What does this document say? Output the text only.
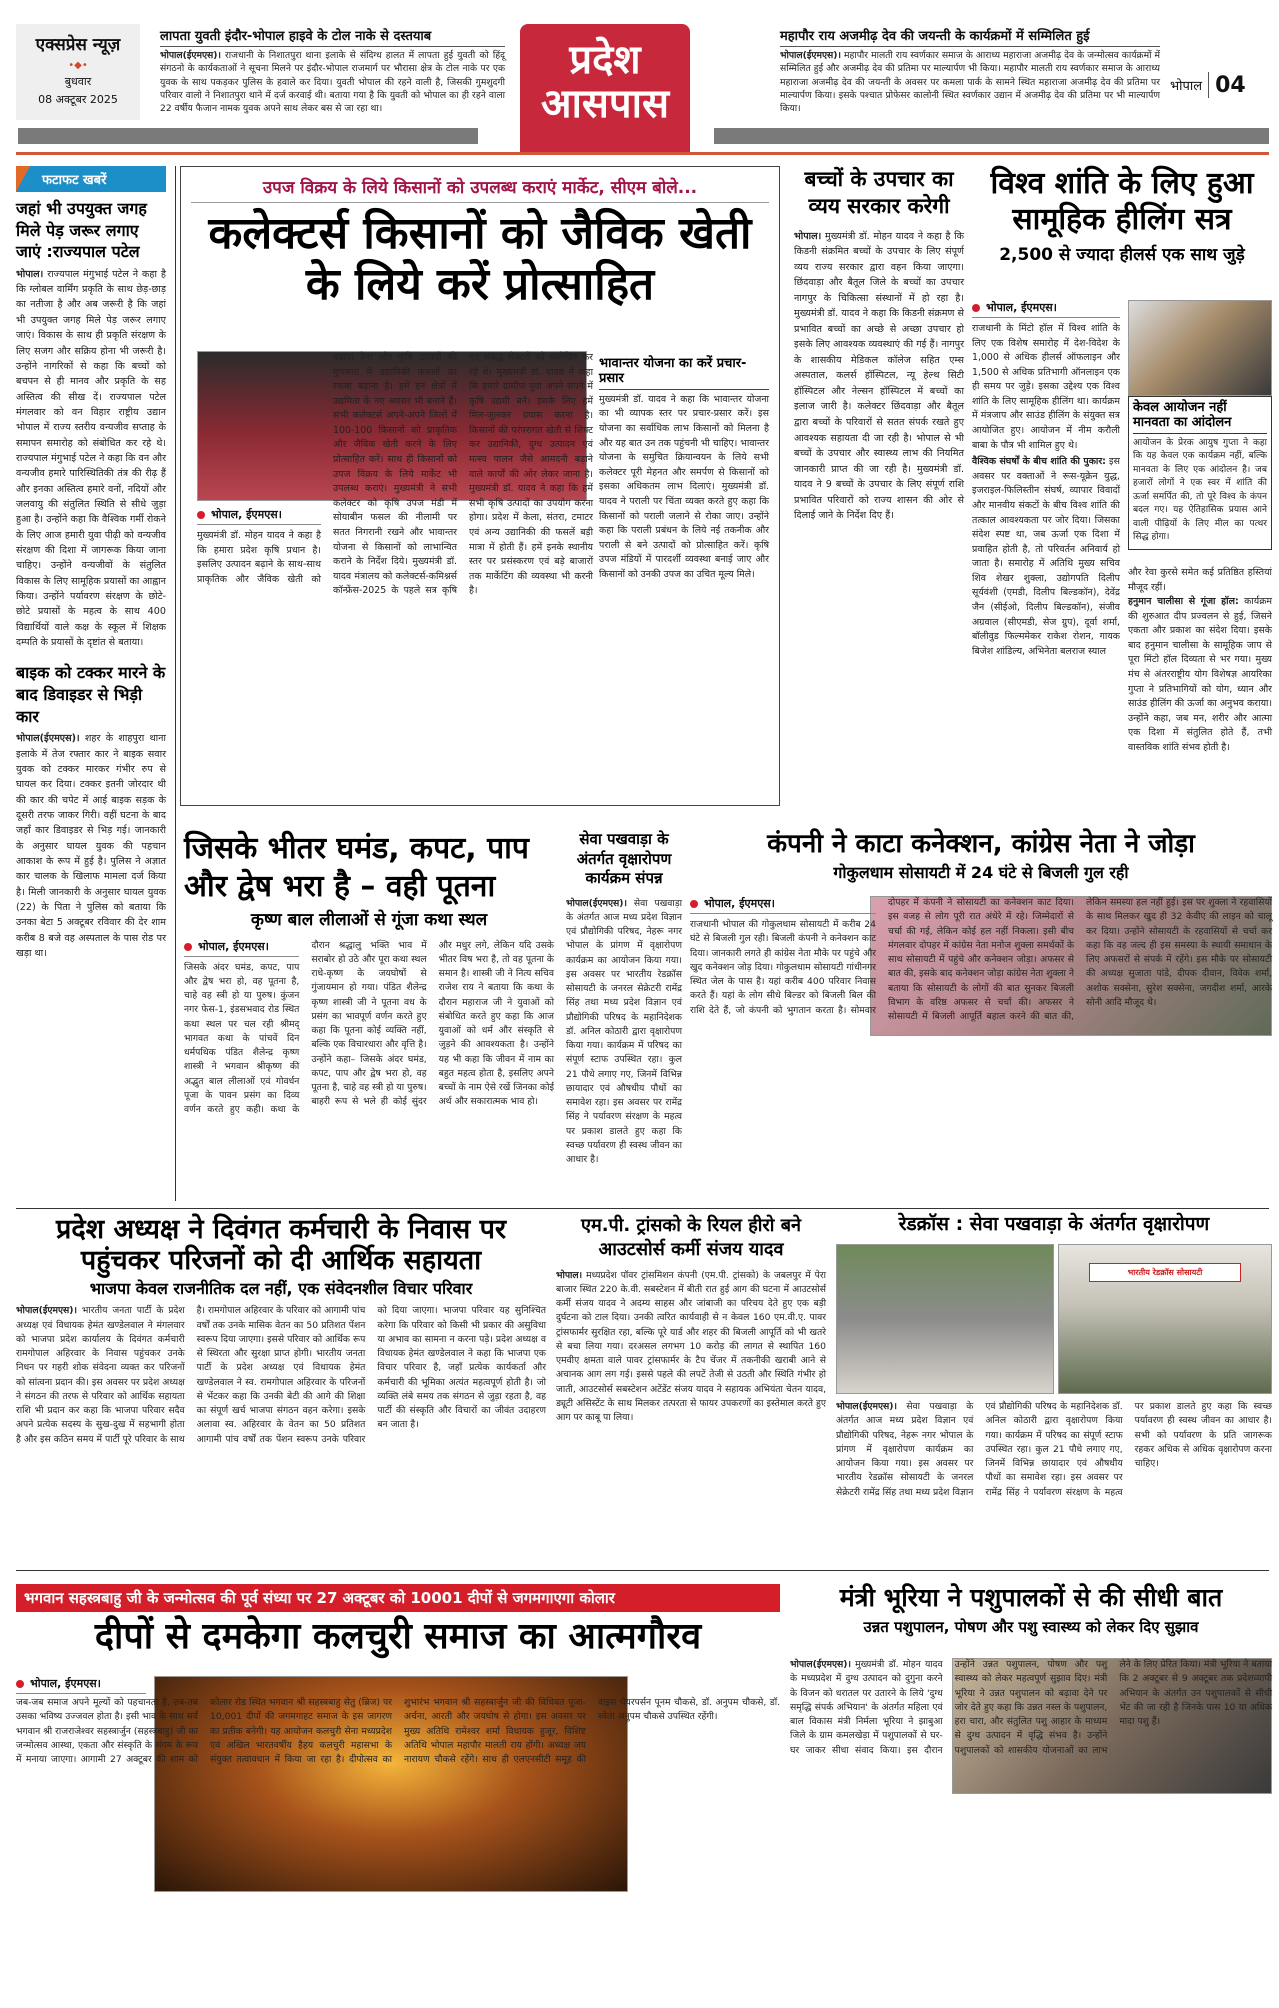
एक्सप्रेस न्यूज़
•◆•
बुधवार
08 अक्टूबर 2025
लापता युवती इंदौर-भोपाल हाइवे के टोल नाके से दस्तयाब
भोपाल(ईएमएस)। राजधानी के निशातपुरा थाना इलाके से संदिग्ध हालत में लापता हुई युवती को हिंदू संगठनो के कार्यकताओं ने सूचना मिलने पर इंदौर-भोपाल राजमार्ग पर भौरासा क्षेत्र के टोल नाके पर एक युवक के साथ पकड़कर पुलिस के हवाले कर दिया। युवती भोपाल की रहने वाली है, जिसकी गुमशुदगी परिवार वालो ने निशातपुरा थाने में दर्ज करवाई थी। बताया गया है कि युवती को भोपाल का ही रहने वाला 22 वर्षीय फैजान नामक युवक अपने साथ लेकर बस से जा रहा था।
प्रदेश
आसपास
महापौर राय अजमीढ़ देव की जयन्ती के कार्यक्रमों में सम्मिलित हुई
भोपाल(ईएमएस)। महापौर मालती राय स्वर्णकार समाज के आराध्य महाराजा अजमीढ़ देव के जन्मोत्सव कार्यक्रमों में सम्मिलित हुई और अजमीढ़ देव की प्रतिमा पर माल्यार्पण भी किया। महापौर मालती राय स्वर्णकार समाज के आराध्य महाराजा अजमीढ़ देव की जयन्ती के अवसर पर कमला पार्क के सामने स्थित महाराजा अजमीढ़ देव की प्रतिमा पर माल्यार्पण किया। इसके पश्चात प्रोफेसर कालोनी स्थित स्वर्णकार उद्यान में अजमीढ़ देव की प्रतिमा पर भी माल्यार्पण किया।
भोपाल 04
फटाफट खबरें
जहां भी उपयुक्त जगह मिले पेड़ जरूर लगाए जाएं :राज्यपाल पटेल
भोपाल। राज्यपाल मंगुभाई पटेल ने कहा है कि ग्लोबल वार्मिंग प्रकृति के साथ छेड़-छाड़ का नतीजा है और अब जरूरी है कि जहां भी उपयुक्त जगह मिले पेड़ जरूर लगाए जाएं। विकास के साथ ही प्रकृति संरक्षण के लिए सजग और सक्रिय होना भी जरूरी है। उन्होंने नागरिकों से कहा कि बच्चों को बचपन से ही मानव और प्रकृति के सह अस्तित्व की सीख दें। राज्यपाल पटेल मंगलवार को वन विहार राष्ट्रीय उद्यान भोपाल में राज्य स्तरीय वन्यजीव सप्ताह के समापन समारोह को संबोधित कर रहे थे। राज्यपाल मंगुभाई पटेल ने कहा कि वन और वन्यजीव हमारे पारिस्थितिकी तंत्र की रीढ़ हैं और इनका अस्तित्व हमारे वनों, नदियों और जलवायु की संतुलित स्थिति से सीधे जुड़ा हुआ है। उन्होंने कहा कि वैश्विक गर्मी रोकने के लिए आज हमारी युवा पीढ़ी को वन्यजीव संरक्षण की दिशा में जागरूक किया जाना चाहिए। उन्होंने वन्यजीवों के संतुलित विकास के लिए सामूहिक प्रयासों का आह्वान किया। उन्होंने पर्यावरण संरक्षण के छोटे-छोटे प्रयासों के महत्व के साथ 400 विद्यार्थियों वाले कक्ष के स्कूल में शिक्षक दम्पति के प्रयासों के दृष्टांत से बताया।
बाइक को टक्कर मारने के बाद डिवाइडर से भिड़ी कार
भोपाल(ईएमएस)। शहर के शाहपुरा थाना इलाके में तेज रफ्तार कार ने बाइक सवार युवक को टक्कर मारकर गंभीर रुप से घायल कर दिया। टक्कर इतनी जोरदार थी की कार की चपेट में आई बाइक सड़क के दूसरी तरफ जाकर गिरी। वहीं घटना के बाद जहाँ कार डिवाइडर से भिड़ गई। जानकारी के अनुसार घायल युवक की पहचान आकाश के रूप में हुई है। पुलिस ने अज्ञात कार चालक के खिलाफ मामला दर्ज किया है। मिली जानकारी के अनुसार घायल युवक (22) के पिता ने पुलिस को बताया कि उनका बेटा 5 अक्टूबर रविवार की देर शाम करीब 8 बजे वह अस्पताल के पास रोड पर खड़ा था।
उपज विक्रय के लिये किसानों को उपलब्ध कराएं मार्केट, सीएम बोले...
कलेक्टर्स किसानों को जैविक खेती के लिये करें प्रोत्साहित
भावान्तर योजना का करें प्रचार-प्रसार
मुख्यमंत्री डॉ. यादव ने कहा कि भावान्तर योजना का भी व्यापक स्तर पर प्रचार-प्रसार करें। इस योजना का सर्वाधिक लाभ किसानों को मिलना है और यह बात उन तक पहुंचनी भी चाहिए। भावान्तर योजना के समुचित क्रियान्वयन के लिये सभी कलेक्टर पूरी मेहनत और समर्पण से किसानों को इसका अधिकतम लाभ दिलाएं। मुख्यमंत्री डॉ. यादव ने पराली पर चिंता व्यक्त करते हुए कहा कि किसानों को पराली जलाने से रोका जाए। उन्होंने कहा कि पराली प्रबंधन के लिये नई तकनीक और पराली से बने उत्पादों को प्रोत्साहित करें। कृषि उपज मंडियों में पारदर्शी व्यवस्था बनाई जाए और किसानों को उनकी उपज का उचित मूल्य मिले।
भोपाल, ईएमएस।
मुख्यमंत्री डॉ. मोहन यादव ने कहा है कि हमारा प्रदेश कृषि प्रधान है। इसलिए उत्पादन बढ़ाने के साथ-साथ प्राकृतिक और जैविक खेती को बढ़ावा देना और कृषि उत्पादों की गुणवत्ता में उद्यानिकी फसलों का रकबा बढ़ाना है। हमें इन क्षेत्रों में उद्यमिता के नए अवसर भी बनाने हैं। सभी कलेक्टर्स अपने-अपने जिलों में 100-100 किसानों को प्राकृतिक और जैविक खेती करने के लिए प्रोत्साहित करें। साथ ही किसानों को उपज विक्रय के लिये मार्केट भी उपलब्ध कराएं। मुख्यमंत्री ने सभी कलेक्टर को कृषि उपज मंडी में सोयाबीन फसल की नीलामी पर सतत निगरानी रखने और भावान्तर योजना से किसानों को लाभान्वित कराने के निर्देश दिये। मुख्यमंत्री डॉ. यादव मंत्रालय को कलेक्टर्स-कमिश्नर्स कॉन्फ्रेंस-2025 के पहले सत्र कृषि एवं संबद्ध सेक्टरों को संबोधित कर रहे थे। मुख्यमंत्री डॉ. यादव ने कहा कि हमारे ग्रामीण युवा अपने सपने में कृषि उद्यमी बनें। इसके लिए हमें मिल-जुलकर प्रयास करना है। किसानों की परंपरागत खेती से शिफ्ट कर उद्यानिकी, दुग्ध उत्पादन एवं मत्स्य पालन जैसे आमदनी बढ़ाने वाले कार्यों की ओर लेकर जाना है। मुख्यमंत्री डॉ. यादव ने कहा कि हमें सभी कृषि उत्पादों का उपयोग करना होगा। प्रदेश में केला, संतरा, टमाटर एवं अन्य उद्यानिकी की फसलें बड़ी मात्रा में होती हैं। हमें इनके स्थानीय स्तर पर प्रसंस्करण एवं बड़े बाजारों तक मार्केटिंग की व्यवस्था भी करनी है।
बच्चों के उपचार का व्यय सरकार करेगी
भोपाल। मुख्यमंत्री डॉ. मोहन यादव ने कहा है कि किडनी संक्रमित बच्चों के उपचार के लिए संपूर्ण व्यय राज्य सरकार द्वारा वहन किया जाएगा। छिंदवाड़ा और बैतूल जिले के बच्चों का उपचार नागपुर के चिकित्सा संस्थानों में हो रहा है। मुख्यमंत्री डॉ. यादव ने कहा कि किडनी संक्रमण से प्रभावित बच्चों का अच्छे से अच्छा उपचार हो इसके लिए आवश्यक व्यवस्थाएं की गई हैं। नागपुर के शासकीय मेडिकल कॉलेज सहित एम्स अस्पताल, कलर्स हॉस्पिटल, न्यू हेल्थ सिटी हॉस्पिटल और नेल्सन हॉस्पिटल में बच्चों का इलाज जारी है। कलेक्टर छिंदवाड़ा और बैतूल द्वारा बच्चों के परिवारों से सतत संपर्क रखते हुए आवश्यक सहायता दी जा रही है। भोपाल से भी बच्चों के उपचार और स्वास्थ्य लाभ की नियमित जानकारी प्राप्त की जा रही है। मुख्यमंत्री डॉ. यादव ने 9 बच्चों के उपचार के लिए संपूर्ण राशि प्रभावित परिवारों को राज्य शासन की ओर से दिलाई जाने के निर्देश दिए हैं।
विश्व शांति के लिए हुआ सामूहिक हीलिंग सत्र
2,500 से ज्यादा हीलर्स एक साथ जुड़े
भोपाल, ईएमएस।
राजधानी के मिंटो हॉल में विश्व शांति के लिए एक विशेष समारोह में देश-विदेश के 1,000 से अधिक हीलर्स ऑफलाइन और 1,500 से अधिक प्रतिभागी ऑनलाइन एक ही समय पर जुड़े। इसका उद्देश्य एक विश्व शांति के लिए सामूहिक हीलिंग था। कार्यक्रम में मंत्रजाप और साउंड हीलिंग के संयुक्त सत्र आयोजित हुए। आयोजन में नीम करौली बाबा के पौत्र भी शामिल हुए थे।
वैश्विक संघर्षों के बीच शांति की पुकार: इस अवसर पर वक्ताओं ने रूस-यूक्रेन युद्ध, इजराइल-फिलिस्तीन संघर्ष, व्यापार विवादों और मानवीय संकटों के बीच विश्व शांति की तत्काल आवश्यकता पर जोर दिया। जिसका संदेश स्पष्ट था, जब ऊर्जा एक दिशा में प्रवाहित होती है, तो परिवर्तन अनिवार्य हो जाता है। समारोह में अतिथि मुख्य सचिव शिव शेखर शुक्ला, उद्योगपति दिलीप सूर्यवंशी (एमडी, दिलीप बिल्डकॉन), देवेंद्र जैन (सीईओ, दिलीप बिल्डकॉन), संजीव अग्रवाल (सीएमडी, सेज ग्रुप), दूर्वा शर्मा, बॉलीवुड फिल्ममेकर राकेश रोशन, गायक बिजेश शांडिल्य, अभिनेता बलराज स्याल
केवल आयोजन नहीं मानवता का आंदोलन
आयोजन के प्रेरक आयुष गुप्ता ने कहा कि यह केवल एक कार्यक्रम नहीं, बल्कि मानवता के लिए एक आंदोलन है। जब हजारों लोगों ने एक स्वर में शांति की ऊर्जा समर्पित की, तो पूरे विश्व के कंपन बदल गए। यह ऐतिहासिक प्रयास आने वाली पीढ़ियों के लिए मील का पत्थर सिद्ध होगा।
और रेवा कुरसे समेत कई प्रतिष्ठित हस्तियां मौजूद रहीं।
हनुमान चालीसा से गूंजा हॉल: कार्यक्रम की शुरुआत दीप प्रज्वलन से हुई, जिसने एकता और प्रकाश का संदेश दिया। इसके बाद हनुमान चालीसा के सामूहिक जाप से पूरा मिंटो हॉल दिव्यता से भर गया। मुख्य मंच से अंतरराष्ट्रीय योग विशेषज्ञ आयरिका गुप्ता ने प्रतिभागियों को योग, ध्यान और साउंड हीलिंग की ऊर्जा का अनुभव कराया। उन्होंने कहा, जब मन, शरीर और आत्मा एक दिशा में संतुलित होते हैं, तभी वास्तविक शांति संभव होती है।
जिसके भीतर घमंड, कपट, पाप और द्वेष भरा है – वही पूतना
कृष्ण बाल लीलाओं से गूंजा कथा स्थल
भोपाल, ईएमएस।
जिसके अंदर घमंड, कपट, पाप और द्वेष भरा हो, वह पूतना है, चाहे वह स्त्री हो या पुरुष। कुंजन नगर फेस-1, इंडसभवाद रोड स्थित कथा स्थल पर चल रही श्रीमद् भागवत कथा के पांचवें दिन धर्मपथिक पंडित शैलेन्द्र कृष्ण शास्त्री ने भगवान श्रीकृष्ण की अद्भुत बाल लीलाओं एवं गोवर्धन पूजा के पावन प्रसंग का दिव्य वर्णन करते हुए कही। कथा के दौरान श्रद्धालु भक्ति भाव में सराबोर हो उठे और पूरा कथा स्थल राधे-कृष्ण के जयघोषों से गुंजायमान हो गया। पंडित शैलेन्द्र कृष्ण शास्त्री जी ने पूतना वध के प्रसंग का भावपूर्ण वर्णन करते हुए कहा कि पूतना कोई व्यक्ति नहीं, बल्कि एक विचारधारा और वृत्ति है। उन्होंने कहा– जिसके अंदर घमंड, कपट, पाप और द्वेष भरा हो, वह पूतना है, चाहे वह स्त्री हो या पुरुष। बाहरी रूप से भले ही कोई सुंदर और मधुर लगे, लेकिन यदि उसके भीतर विष भरा है, तो वह पूतना के समान है। शास्त्री जी ने नित्य सचिव राजेश राय ने बताया कि कथा के दौरान महाराज जी ने युवाओं को संबोधित करते हुए कहा कि आज युवाओं को धर्म और संस्कृति से जुड़ने की आवश्यकता है। उन्होंने यह भी कहा कि जीवन में नाम का बहुत महत्व होता है, इसलिए अपने बच्चों के नाम ऐसे रखें जिनका कोई अर्थ और सकारात्मक भाव हो।
सेवा पखवाड़ा के अंतर्गत वृक्षारोपण कार्यक्रम संपन्न
भोपाल(ईएमएस)। सेवा पखवाड़ा के अंतर्गत आज मध्य प्रदेश विज्ञान एवं प्रौद्योगिकी परिषद, नेहरू नगर भोपाल के प्रांगण में वृक्षारोपण कार्यक्रम का आयोजन किया गया। इस अवसर पर भारतीय रेडक्रॉस सोसायटी के जनरल सेक्रेटरी रामेंद्र सिंह तथा मध्य प्रदेश विज्ञान एवं प्रौद्योगिकी परिषद के महानिदेशक डॉ. अनिल कोठारी द्वारा वृक्षारोपण किया गया। कार्यक्रम में परिषद का संपूर्ण स्टाफ उपस्थित रहा। कुल 21 पौधे लगाए गए, जिनमें विभिन्न छायादार एवं औषधीय पौधों का समावेश रहा। इस अवसर पर रामेंद्र सिंह ने पर्यावरण संरक्षण के महत्व पर प्रकाश डालते हुए कहा कि स्वच्छ पर्यावरण ही स्वस्थ जीवन का आधार है।
कंपनी ने काटा कनेक्शन, कांग्रेस नेता ने जोड़ा
गोकुलधाम सोसायटी में 24 घंटे से बिजली गुल रही
भोपाल, ईएमएस।
राजधानी भोपाल की गोकुलधाम सोसायटी में करीब 24 घंटे से बिजली गुल रही। बिजली कंपनी ने कनेक्शन काट दिया। जानकारी लगते ही कांग्रेस नेता मौके पर पहुंचे और खुद कनेक्शन जोड़ दिया। गोकुलधाम सोसायटी गांधीनगर स्थित जेल के पास है। यहां करीब 400 परिवार निवास करते हैं। यहां के लोग सीधे बिल्डर को बिजली बिल की राशि देते हैं, जो कंपनी को भुगतान करता है। सोमवार दोपहर में कंपनी ने सोसायटी का कनेक्शन काट दिया। इस वजह से लोग पूरी रात अंधेरे में रहे। जिम्मेदारों से चर्चा की गई, लेकिन कोई हल नहीं निकला। इसी बीच मंगलवार दोपहर में कांग्रेस नेता मनोज शुक्ला समर्थकों के साथ सोसायटी में पहुंचे और कनेक्शन जोड़ा। अफसर से बात की, इसके बाद कनेक्शन जोड़ा कांग्रेस नेता शुक्ला ने बताया कि सोसायटी के लोगों की बात सुनकर बिजली विभाग के वरिष्ठ अफसर से चर्चा की। अफसर ने सोसायटी में बिजली आपूर्ति बहाल करने की बात की, लेकिन समस्या हल नहीं हुई। इस पर शुक्ला ने रहवासियों के साथ मिलकर खुद ही 32 केवीए की लाइन को चालू कर दिया। उन्होंने सोसायटी के रहवासियों से चर्चा कर कहा कि वह जल्द ही इस समस्या के स्थायी समाधान के लिए अफसरों से संपर्क में रहेंगे। इस मौके पर सोसायटी की अध्यक्ष सुजाता पांडे, दीपक दीवान, विवेक शर्मा, अशोक सक्सेना, सुरेश सक्सेना, जगदीश शर्मा, आरके सोनी आदि मौजूद थे।
प्रदेश अध्यक्ष ने दिवंगत कर्मचारी के निवास पर
पहुंचकर परिजनों को दी आर्थिक सहायता
भाजपा केवल राजनीतिक दल नहीं, एक संवेदनशील विचार परिवार
भोपाल(ईएमएस)। भारतीय जनता पार्टी के प्रदेश अध्यक्ष एवं विधायक हेमंत खण्डेलवाल ने मंगलवार को भाजपा प्रदेश कार्यालय के दिवंगत कर्मचारी रामगोपाल अहिरवार के निवास पहुंचकर उनके निधन पर गहरी शोक संवेदना व्यक्त कर परिजनों को सांत्वना प्रदान की। इस अवसर पर प्रदेश अध्यक्ष ने संगठन की तरफ से परिवार को आर्थिक सहायता राशि भी प्रदान कर कहा कि भाजपा परिवार सदैव अपने प्रत्येक सदस्य के सुख-दुख में सहभागी होता है और इस कठिन समय में पार्टी पूरे परिवार के साथ है। रामगोपाल अहिरवार के परिवार को आगामी पांच वर्षों तक उनके मासिक वेतन का 50 प्रतिशत पेंशन स्वरूप दिया जाएगा। इससे परिवार को आर्थिक रूप से स्थिरता और सुरक्षा प्राप्त होगी। भारतीय जनता पार्टी के प्रदेश अध्यक्ष एवं विधायक हेमंत खण्डेलवाल ने स्व. रामगोपाल अहिरवार के परिजनों से भेंटकर कहा कि उनकी बेटी की आगे की शिक्षा का संपूर्ण खर्च भाजपा संगठन वहन करेगा। इसके अलावा स्व. अहिरवार के वेतन का 50 प्रतिशत आगामी पांच वर्षों तक पेंशन स्वरूप उनके परिवार को दिया जाएगा। भाजपा परिवार यह सुनिश्चित करेगा कि परिवार को किसी भी प्रकार की असुविधा या अभाव का सामना न करना पड़े। प्रदेश अध्यक्ष व विधायक हेमंत खण्डेलवाल ने कहा कि भाजपा एक विचार परिवार है, जहाँ प्रत्येक कार्यकर्ता और कर्मचारी की भूमिका अत्यंत महत्वपूर्ण होती है। जो व्यक्ति लंबे समय तक संगठन से जुड़ा रहता है, वह पार्टी की संस्कृति और विचारों का जीवंत उदाहरण बन जाता है।
एम.पी. ट्रांसको के रियल हीरो बने आउटसोर्स कर्मी संजय यादव
भोपाल। मध्यप्रदेश पॉवर ट्रांसमिशन कंपनी (एम.पी. ट्रांसको) के जबलपुर में पेरा बाजार स्थित 220 के.वी. सबस्टेशन में बीती रात हुई आग की घटना में आउटसोर्स कर्मी संजय यादव ने अदम्य साहस और जांबाजी का परिचय देते हुए एक बड़ी दुर्घटना को टाल दिया। उनकी त्वरित कार्यवाही से न केवल 160 एम.वी.ए. पावर ट्रांसफार्मर सुरक्षित रहा, बल्कि पूरे यार्ड और शहर की बिजली आपूर्ति को भी खतरे से बचा लिया गया। दरअसल लगभग 10 करोड़ की लागत से स्थापित 160 एमवीए क्षमता वाले पावर ट्रांसफार्मर के टैप चेंजर में तकनीकी खराबी आने से अचानक आग लग गई। इससे पहले की लपटें तेजी से उठती और स्थिति गंभीर हो जाती, आउटसोर्स सबस्टेशन अटेंडेंट संजय यादव ने सहायक अभियंता चेतन यादव, ड्यूटी असिस्टेंट के साथ मिलकर तत्परता से फायर उपकरणों का इस्तेमाल करते हुए आग पर काबू पा लिया।
रेडक्रॉस : सेवा पखवाड़ा के अंतर्गत वृक्षारोपण
भारतीय रेडक्रॉस सोसायटी
भोपाल(ईएमएस)। सेवा पखवाड़ा के अंतर्गत आज मध्य प्रदेश विज्ञान एवं प्रौद्योगिकी परिषद, नेहरू नगर भोपाल के प्रांगण में वृक्षारोपण कार्यक्रम का आयोजन किया गया। इस अवसर पर भारतीय रेडक्रॉस सोसायटी के जनरल सेक्रेटरी रामेंद्र सिंह तथा मध्य प्रदेश विज्ञान एवं प्रौद्योगिकी परिषद के महानिदेशक डॉ. अनिल कोठारी द्वारा वृक्षारोपण किया गया। कार्यक्रम में परिषद का संपूर्ण स्टाफ उपस्थित रहा। कुल 21 पौधे लगाए गए, जिनमें विभिन्न छायादार एवं औषधीय पौधों का समावेश रहा। इस अवसर पर रामेंद्र सिंह ने पर्यावरण संरक्षण के महत्व पर प्रकाश डालते हुए कहा कि स्वच्छ पर्यावरण ही स्वस्थ जीवन का आधार है। सभी को पर्यावरण के प्रति जागरूक रहकर अधिक से अधिक वृक्षारोपण करना चाहिए।
भगवान सहस्त्रबाहु जी के जन्मोत्सव की पूर्व संध्या पर 27 अक्टूबर को 10001 दीपों से जगमगाएगा कोलार
दीपों से दमकेगा कलचुरी समाज का आत्मगौरव
भोपाल, ईएमएस।
जब-जब समाज अपने मूल्यों को पहचानता है, तब-तब उसका भविष्य उज्जवल होता है। इसी भाव के साथ सर्व भगवान श्री राजराजेश्वर सहस्त्रार्जुन (सहस्त्रबाहु) जी का जन्मोत्सव आस्था, एकता और संस्कृति के संगम के रूप में मनाया जाएगा। आगामी 27 अक्टूबर की शाम को कोलार रोड स्थित भगवान श्री सहस्त्रबाहु सेतु (ब्रिज) पर 10,001 दीपों की जगमगाहट समाज के इस जागरण का प्रतीक बनेगी। यह आयोजन कलचुरी सेना मध्यप्रदेश एवं अखिल भारतवर्षीय हैहय कलचुरी महासभा के संयुक्त तत्वावधान में किया जा रहा है। दीपोत्सव का शुभारंभ भगवान श्री सहस्त्रार्जुन जी की विधिवत पूजा-अर्चना, आरती और जयघोष से होगा। इस अवसर पर मुख्य अतिथि रामेश्वर शर्मा विधायक हुजूर, विशिष्ट अतिथि भोपाल महापौर मालती राय होंगी। अध्यक्ष जय नारायण चौकसे रहेंगे। साथ ही एलएनसीटी समूह की वाइस चेयरपर्सन पूनम चौकसे, डॉ. अनुपम चौकसे, डॉ. श्वेता अनुपम चौकसे उपस्थित रहेंगी।
मंत्री भूरिया ने पशुपालकों से की सीधी बात
उन्नत पशुपालन, पोषण और पशु स्वास्थ्य को लेकर दिए सुझाव
भोपाल(ईएमएस)। मुख्यमंत्री डॉ. मोहन यादव के मध्यप्रदेश में दुग्ध उत्पादन को दुगुना करने के विजन को धरातल पर उतारने के लिये 'दुग्ध समृद्धि संपर्क अभियान' के अंतर्गत महिला एवं बाल विकास मंत्री निर्मला भूरिया ने झाबुआ जिले के ग्राम कमलखेड़ा में पशुपालकों से घर-घर जाकर सीधा संवाद किया। इस दौरान उन्होंने उन्नत पशुपालन, पोषण और पशु स्वास्थ्य को लेकर महत्वपूर्ण सुझाव दिए। मंत्री भूरिया ने उन्नत पशुपालन को बढ़ावा देने पर जोर देते हुए कहा कि उन्नत नस्ल के पशुपालन, हरा चारा, और संतुलित पशु आहार के माध्यम से दुग्ध उत्पादन में वृद्धि संभव है। उन्होंने पशुपालकों को शासकीय योजनाओं का लाभ लेने के लिए प्रेरित किया। मंत्री भूरिया ने बताया कि 2 अक्टूबर से 9 अक्टूबर तक प्रदेशव्यापी अभियान के अंतर्गत उन पशुपालकों से सीधी भेंट की जा रही है जिनके पास 10 या अधिक मादा पशु हैं।
